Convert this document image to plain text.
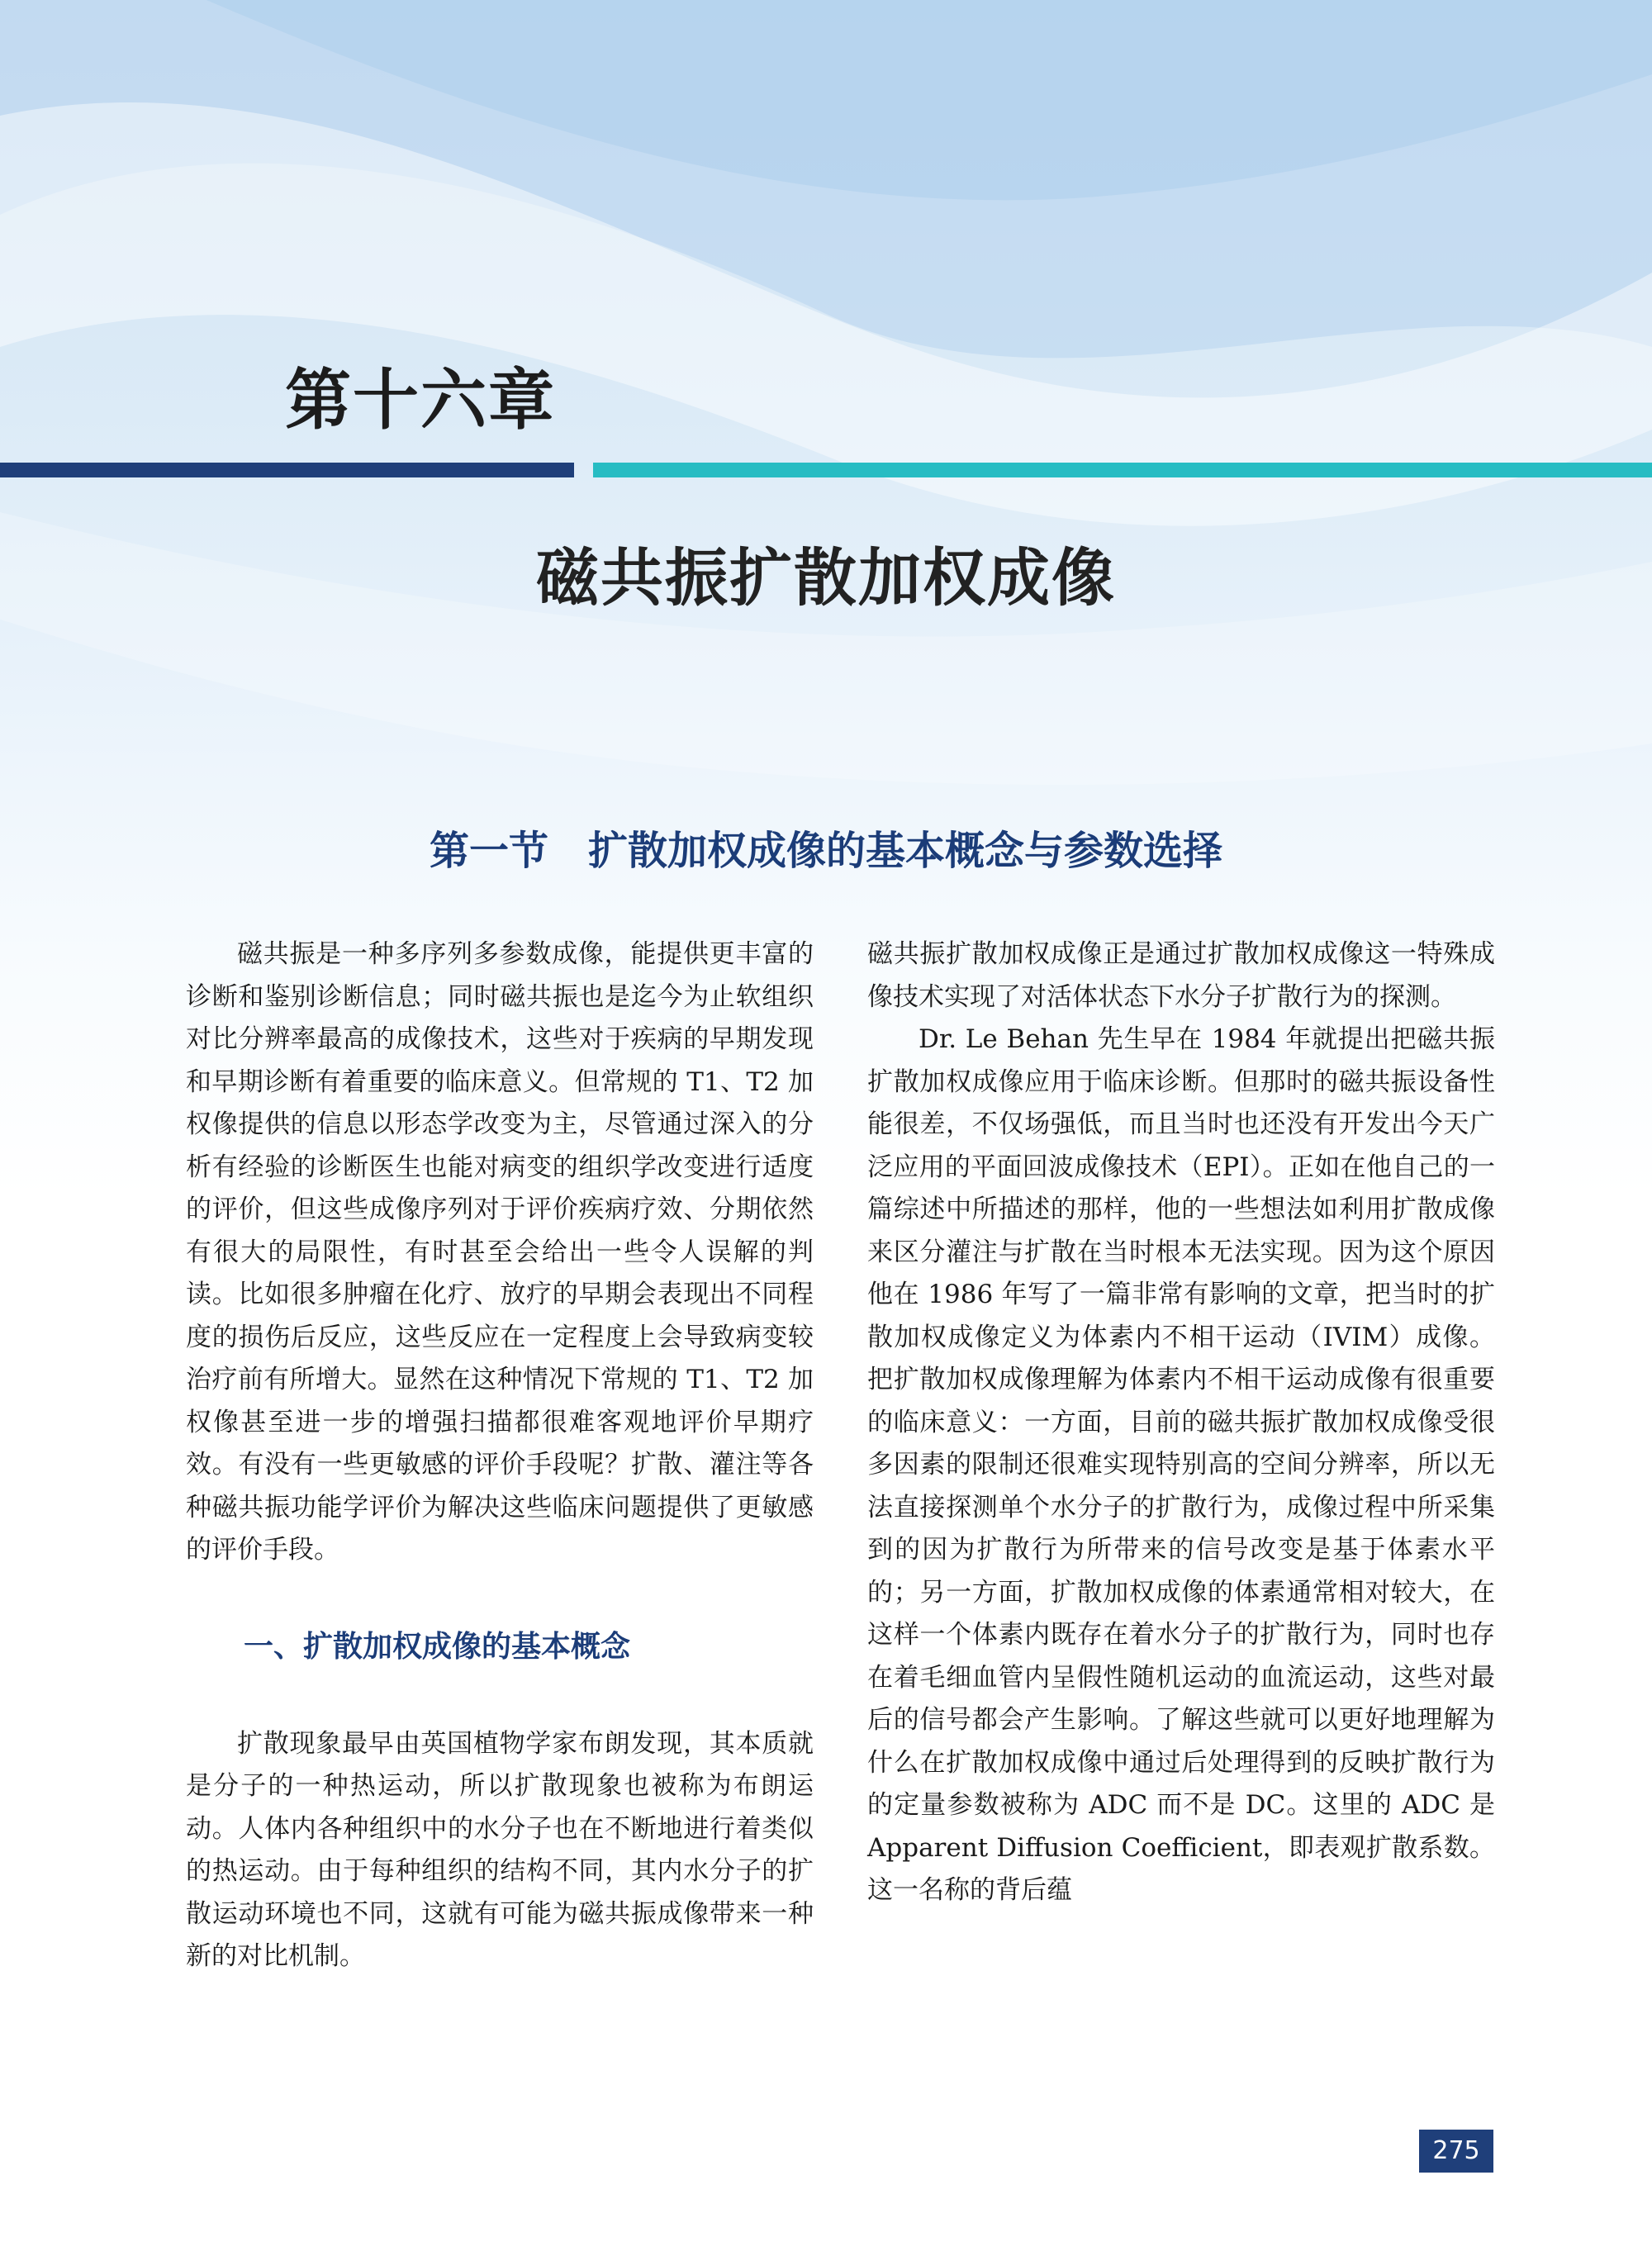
第十六章
磁共振扩散加权成像
第一节　扩散加权成像的基本概念与参数选择

磁共振是一种多序列多参数成像，能提供更丰富的诊断和鉴别诊断信息；同时磁共振也是迄今为止软组织对比分辨率最高的成像技术，这些对于疾病的早期发现和早期诊断有着重要的临床意义。但常规的 T1、T2 加权像提供的信息以形态学改变为主，尽管通过深入的分析有经验的诊断医生也能对病变的组织学改变进行适度的评价，但这些成像序列对于评价疾病疗效、分期依然有很大的局限性，有时甚至会给出一些令人误解的判读。比如很多肿瘤在化疗、放疗的早期会表现出不同程度的损伤后反应，这些反应在一定程度上会导致病变较治疗前有所增大。显然在这种情况下常规的 T1、T2 加权像甚至进一步的增强扫描都很难客观地评价早期疗效。有没有一些更敏感的评价手段呢？扩散、灌注等各种磁共振功能学评价为解决这些临床问题提供了更敏感的评价手段。

一、扩散加权成像的基本概念

扩散现象最早由英国植物学家布朗发现，其本质就是分子的一种热运动，所以扩散现象也被称为布朗运动。人体内各种组织中的水分子也在不断地进行着类似的热运动。由于每种组织的结构不同，其内水分子的扩散运动环境也不同，这就有可能为磁共振成像带来一种新的对比机制。

磁共振扩散加权成像正是通过扩散加权成像这一特殊成像技术实现了对活体状态下水分子扩散行为的探测。

Dr. Le Behan 先生早在 1984 年就提出把磁共振扩散加权成像应用于临床诊断。但那时的磁共振设备性能很差，不仅场强低，而且当时也还没有开发出今天广泛应用的平面回波成像技术（EPI）。正如在他自己的一篇综述中所描述的那样，他的一些想法如利用扩散成像来区分灌注与扩散在当时根本无法实现。因为这个原因他在 1986 年写了一篇非常有影响的文章，把当时的扩散加权成像定义为体素内不相干运动（IVIM）成像。把扩散加权成像理解为体素内不相干运动成像有很重要的临床意义：一方面，目前的磁共振扩散加权成像受很多因素的限制还很难实现特别高的空间分辨率，所以无法直接探测单个水分子的扩散行为，成像过程中所采集到的因为扩散行为所带来的信号改变是基于体素水平的；另一方面，扩散加权成像的体素通常相对较大，在这样一个体素内既存在着水分子的扩散行为，同时也存在着毛细血管内呈假性随机运动的血流运动，这些对最后的信号都会产生影响。了解这些就可以更好地理解为什么在扩散加权成像中通过后处理得到的反映扩散行为的定量参数被称为 ADC 而不是 DC。这里的 ADC 是 Apparent Diffusion Coefficient，即表观扩散系数。这一名称的背后蕴

275
